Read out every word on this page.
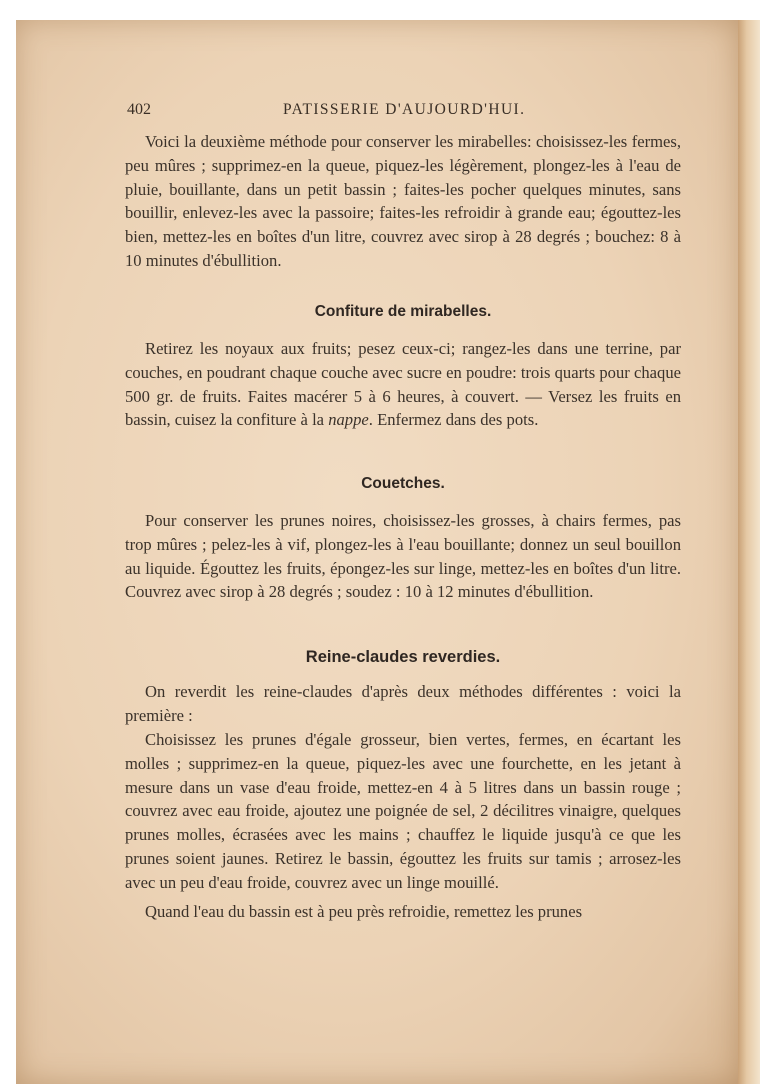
402	PATISSERIE D'AUJOURD'HUI.

Voici la deuxième méthode pour conserver les mirabelles: choisissez-les fermes, peu mûres ; supprimez-en la queue, piquez-les légèrement, plongez-les à l'eau de pluie, bouillante, dans un petit bassin ; faites-les pocher quelques minutes, sans bouillir, enlevez-les avec la passoire; faites-les refroidir à grande eau; égouttez-les bien, mettez-les en boîtes d'un litre, couvrez avec sirop à 28 degrés ; bouchez: 8 à 10 minutes d'ébullition.

Confiture de mirabelles.

Retirez les noyaux aux fruits; pesez ceux-ci; rangez-les dans une terrine, par couches, en poudrant chaque couche avec sucre en poudre: trois quarts pour chaque 500 gr. de fruits. Faites macérer 5 à 6 heures, à couvert. — Versez les fruits en bassin, cuisez la confiture à la nappe. Enfermez dans des pots.

Couetches.

Pour conserver les prunes noires, choisissez-les grosses, à chairs fermes, pas trop mûres ; pelez-les à vif, plongez-les à l'eau bouillante; donnez un seul bouillon au liquide. Égouttez les fruits, épongez-les sur linge, mettez-les en boîtes d'un litre. Couvrez avec sirop à 28 degrés ; soudez : 10 à 12 minutes d'ébullition.

Reine-claudes reverdies.

On reverdit les reine-claudes d'après deux méthodes différentes : voici la première :

Choisissez les prunes d'égale grosseur, bien vertes, fermes, en écartant les molles ; supprimez-en la queue, piquez-les avec une fourchette, en les jetant à mesure dans un vase d'eau froide, mettez-en 4 à 5 litres dans un bassin rouge ; couvrez avec eau froide, ajoutez une poignée de sel, 2 décilitres vinaigre, quelques prunes molles, écrasées avec les mains ; chauffez le liquide jusqu'à ce que les prunes soient jaunes. Retirez le bassin, égouttez les fruits sur tamis ; arrosez-les avec un peu d'eau froide, couvrez avec un linge mouillé.

Quand l'eau du bassin est à peu près refroidie, remettez les prunes
